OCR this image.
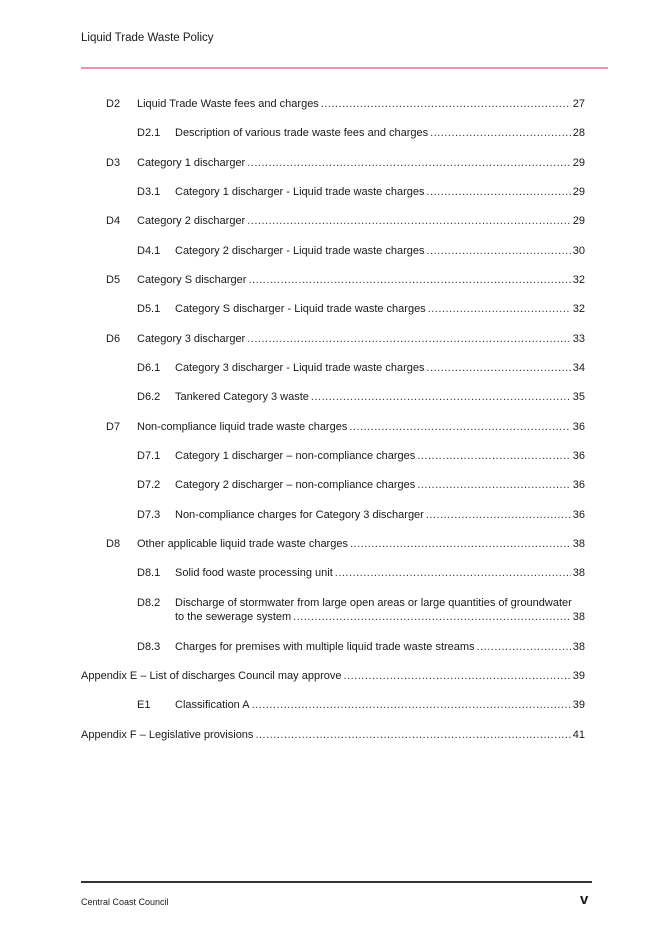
Liquid Trade Waste Policy
D2	Liquid Trade Waste fees and charges .....	27
D2.1	Description of various trade waste fees and charges .....	28
D3	Category 1 discharger .....	29
D3.1	Category 1 discharger - Liquid trade waste charges .....	29
D4	Category 2 discharger .....	29
D4.1	Category 2 discharger - Liquid trade waste charges .....	30
D5	Category S discharger .....	32
D5.1	Category S discharger - Liquid trade waste charges .....	32
D6	Category 3 discharger .....	33
D6.1	Category 3 discharger - Liquid trade waste charges .....	34
D6.2	Tankered Category 3 waste .....	35
D7	Non-compliance liquid trade waste charges .....	36
D7.1	Category 1 discharger – non-compliance charges .....	36
D7.2	Category 2 discharger – non-compliance charges .....	36
D7.3	Non-compliance charges for Category 3 discharger .....	36
D8	Other applicable liquid trade waste charges .....	38
D8.1	Solid food waste processing unit .....	38
D8.2	Discharge of stormwater from large open areas or large quantities of groundwater
to the sewerage system .....	38
D8.3	Charges for premises with multiple liquid trade waste streams .....	38
Appendix E – List of discharges Council may approve .....	39
E1	Classification A .....	39
Appendix F – Legislative provisions .....	41
Central Coast Council	v
